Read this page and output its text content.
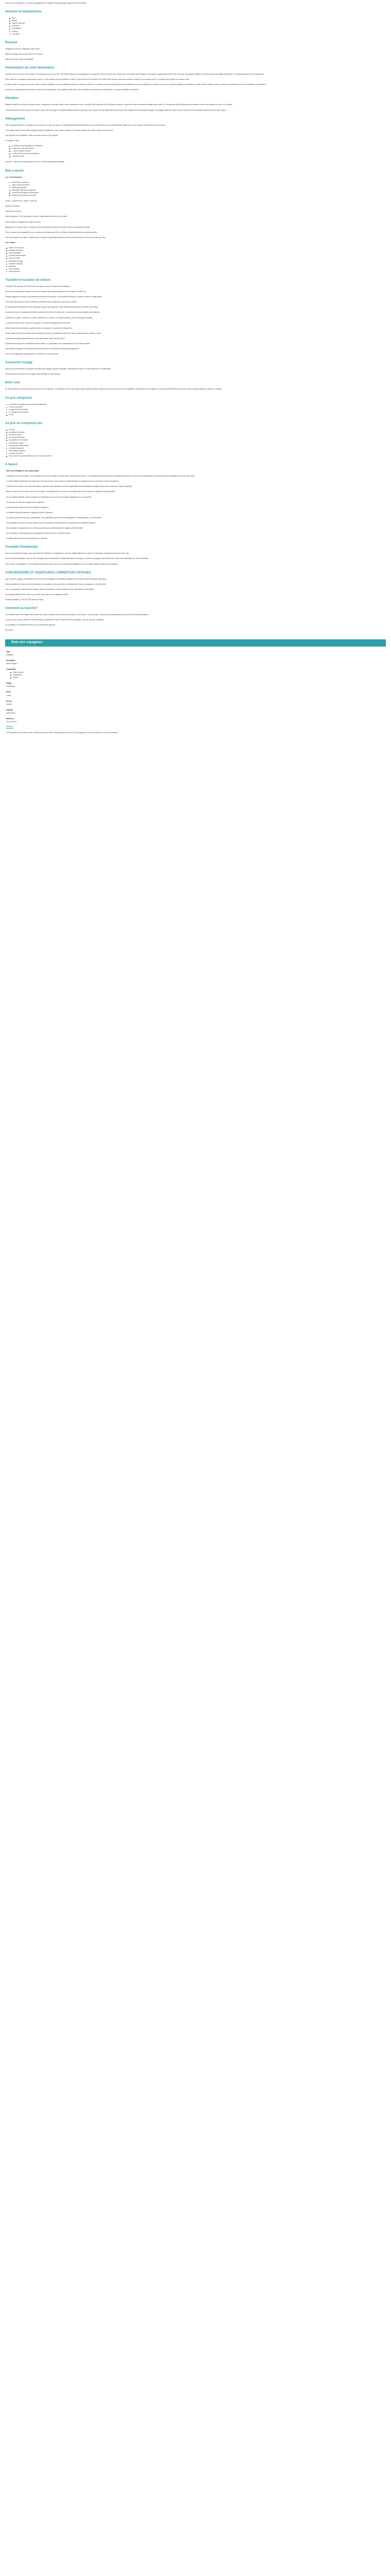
Fort de votre compétence ? Et si elle se complétait par Formalité Conciergerie (aigu Imprimerie Web Corrosion).

Services et équipements
Wifi
Piscine
Piscine extérieure
Télévision
Climatisation
Parking
Lave-linge
Résumé

Bungalow en bois d'un magnifique jardin créole.

Idéal de sa plage de ses petits côtés de St-François.

Idéal pour évasion calme et tranquillité.

Présentation de votre destination

Jouxtant le bord de mer et des Caraïbes, la Guadeloupe se prend son rôle. Des Petites Antilles et en conséquence un archipel de 5 îles de Grande-Terre, Basse-Terre, les Saintes, Marie-Galante, la Désirade. La grande presqu'île de l'île a la forme d'un papillon, profitez d'un climat tropical, des plages de sable fin, de la nature préservée et des randonnées.

Notre cadre est un bungalow surplombant sa côte, ce n'est vraiment qu'à la Guadeloupe. Partez à la découverte de la Soufrière, de Pointe-à-Pitre avec les nombreux marchés du matin et de la musique zouk. Et n'oubliez pas de goûter à la cuisine créole.

Un cadre calme et reposant avec piscine, jardin tropical et bungalow. Vous êtes idéalement situé pour découvrir toute l'île. Les enfants seront enchantés des poissons multicolores lors des plongées avec masque et tuba dans les lagons protégés par la barrière de corail. Pour les adultes, toutes les saveurs et ambiances d'une île des Caraïbes vous attendent.

Au cœur d'un paradis tropical, découvrez le charme de la Guadeloupe, entre plages de sable blanc, eaux turquoise et randonnées en forêt tropicale. Un séjour inoubliable vous attend !

Situation

Plages de sable fin à moins de 5 minutes à pied. Commerces à proximité, marché local, restaurants et bars. L'aéroport Pôle Caraïbes est à 35 minutes en voiture. Location de véhicule fortement conseillée pour visiter l'île. La marina de Saint-François avec ses départs vers les îles voisines se trouve à 10 minutes.

Golf international de Saint-François à proximité, casino, club de plongée et activités nautiques (kitesurf, planche à voile, jet-ski). Point de départ idéal vers la Pointe des Châteaux et ses paysages sauvages. Les villages créoles de Sainte-Anne et du Moule sont accessibles rapidement par la route côtière.

Hébergement

Dans un jardin verdoyant, ce bungalow en bois propose un séjour au calme. Un hébergement entièrement équipé pour 2 à 4 personnes avec une terrasse privée offrant une vue sur le jardin tropical et la piscine commune.

Le bungalow dispose d'une cuisine équipée (plaques, réfrigérateur, micro-ondes, cafetière), d'un espace repas et d'un salon. Linge de maison fourni.

Les chambres sont climatisées. Salle d'eau avec douche et WC séparés.

Le cottage se situe :

1 chambre double climatisée (lit 160x200)
1 salon avec clic-clac 2 places
1 cuisine équipée ouverte
1 salle d'eau avec douche à l'italienne
1 terrasse privée

Capacité : 4 personnes maximum (bébé inclus). Lit bébé disponible sur demande.

Bon à savoir

Les + de la résidence :

Accès libre à la piscine
Jardin tropical entretenu
Parking privé gratuit
Wifi gratuit dans tout le logement
Proximité immédiate des commerces
Environnement calme et sécurisé

Arrivée : à partir de 15h / Départ : avant 11h

Animaux non admis.

Logement non-fumeur.

Dépôt de garantie : 300 € demandé à l'arrivée, restitué après l'état des lieux de sortie.

Taxe de séjour en supplément, à régler sur place.

Ménage de fin de séjour inclus. Le linge de lit et les serviettes de toilette sont fournis. Prévoir vos serviettes de plage.

Pour le respect de la tranquillité de tous, le calme est demandé après 22h. Les fêtes et rassemblements ne sont pas autorisés.

Pour bien préparer votre séjour, n'hésitez pas à contacter le propriétaire avant votre arrivée afin de convenir de l'heure de remise des clés.

Les + offerts :

Panier de bienvenue
Produits d'entretien
Guide touristique
Conseils personnalisés
Jeux de société
Serviettes de plage
Transats et parasol
Barbecue
Fer à repasser
Sèche-cheveux
Transfert et location de voiture

L'aéroport Pôle Caraïbes de Pointe-à-Pitre est situé à environ 35 minutes de la résidence.

Nous vous recommandons vivement de louer un véhicule pour profiter pleinement de votre séjour et visiter l'île.

Plusieurs agences de location sont présentes directement à l'aéroport. Il est conseillé de réserver à l'avance, surtout en haute saison.

Pour les arrivées tardives, merci de prévenir le propriétaire afin d'organiser au mieux votre accueil.

Un parking privé et gratuit est à votre disposition sur place pour stationner votre véhicule pendant toute la durée de votre séjour.

Le réseau de bus en Guadeloupe est limité, notamment en soirée et le dimanche. Le taxi reste une option possible mais coûteuse.

Conditions de location : permis de conduire valide depuis au moins 1 an, carte bancaire au nom du conducteur principal.

La conduite se fait à droite, comme en métropole. Les routes principales sont en bon état.

Attention aux routes secondaires, parfois étroites et sinueuses, en particulier en Basse-Terre.

Pensez à faire le plein de carburant avant de partir en excursion, les stations-service sont moins nombreuses dans certaines zones.

Les stations sont généralement fermées le dimanche après-midi et les jours fériés.

Le trajet entre l'aéroport et la résidence est bien indiqué. Le propriétaire vous communiquera un plan d'accès détaillé.

Il est possible d'organiser un transfert privé depuis l'aéroport, sur demande et moyennant supplément.

Pour tout renseignement complémentaire, n'hésitez pas à nous contacter.

Assurance voyage

Nous vous recommandons de souscrire une assurance voyage couvrant l'annulation, l'interruption de séjour, les frais médicaux et le rapatriement.

Cette assurance vous permet de voyager l'esprit tranquille en cas d'imprévu.

Notre avis

Un cadre idéal pour un séjour reposant au cœur de la Guadeloupe. Ce bungalow en bois, niché dans un jardin tropical luxuriant, séduira les amoureux de nature et de tranquillité. Sa proximité avec les plages et commerces de Saint-François en fait un point de départ parfait pour découvrir l'archipel.

Ce prix comprend
La location du bungalow pour la durée sélectionnée
L'accès à la piscine
Le linge de lit et de toilette
Le ménage de fin de séjour
Le wifi
Ce prix ne comprend pas
Les vols
La location de voiture
La taxe de séjour
Les repas et boissons
Les activités et excursions
L'assurance voyage
Les dépenses personnelles
Le dépôt de garantie
Les transferts aéroport
Les frais de dossier
Tout ce qui n'est pas mentionné dans « Ce prix comprend »
À Savoir

- Offre non modifiable et non remboursable

- À réception de votre réservation, une confirmation vous sera envoyée par email dans un délai de 48h ouvrées. Les informations pratiques d'accès au logement ainsi que les coordonnées du propriétaire vous seront transmises quelques jours avant votre départ.

- Les tarifs indiqués s'entendent par logement et non par personne. Toute personne supplémentaire non déclarée pourra se voir refuser l'accès au logement.

- L'état des lieux d'entrée et de sortie est réalisé en présence du propriétaire ou de son représentant. Toute dégradation constatée pourra être retenue sur le dépôt de garantie.

- Merci de respecter les horaires d'arrivée et de départ. Tout départ tardif non convenu au préalable pourra faire l'objet d'une facturation supplémentaire.

- En cas d'arrivée retardée, merci de prévenir le propriétaire au plus tôt afin qu'il puisse s'organiser pour vous accueillir.

- Les animaux ne sont pas acceptés dans le logement.

- Il est strictement interdit de fumer à l'intérieur du logement.

- La capacité d'accueil maximale du logement doit être respectée.

- Les photos présentées sont non contractuelles. Des modifications peuvent avoir été apportées à l'aménagement ou à la décoration.

- Le propriétaire se réserve le droit de refuser l'accès au logement à toute personne ne respectant pas le règlement intérieur.

- Merci de laisser le logement dans un état de propreté correct. Vaisselle lavée et rangée, poubelles vidées.

- Les informations communiquées sont susceptibles d'évoluer selon les conditions locales.

- Conditions générales de vente disponibles sur demande.

Formalité Guadeloupe

Pour les ressortissants français, une carte nationale d'identité ou un passeport en cours de validité suffit pour se rendre en Guadeloupe, département français d'outre-mer.

Pour les autres nationalités, merci de vous renseigner auprès des autorités compétentes avant votre départ. Les mineurs voyageant seuls doivent être munis d'une autorisation de sortie du territoire.

Aucun vaccin n'est obligatoire. Il est toutefois recommandé d'être à jour de ses vaccinations habituelles et de se protéger contre les piqûres de moustiques.

CONCIERGERIE ET ASSISTANCE CARREFOUR VOYAGES

Avec Carrefour Voyages vous bénéficiez d'un service de conciergerie et d'assistance joignable à tout moment avant et pendant votre séjour.

Notre conseiller est à votre écoute pour répondre à vos questions, vous aider dans vos démarches et vous accompagner en cas d'imprévu.

Pour nous contacter, rendez-vous sur l'espace client ou composez le numéro indiqué sur votre confirmation de réservation.

Nos équipes mettront tout en œuvre pour rendre votre séjour le plus agréable possible.

Service accessible 7j/7 de 9h à 20h (heure de Paris).

Comment ça marche?

Une semaine avant votre départ, vous recevrez par email l'ensemble des documents nécessaires à votre séjour : bon d'échange, coordonnées du propriétaire, plan d'accès et informations pratiques.

Le jour de votre arrivée, présentez-vous directement au logement à l'heure convenue avec le propriétaire, muni de votre bon d'échange.

Le propriétaire vous remettra les clés et vous présentera le logement.

Bon séjour !

Note des voyageurs
Type
Bungalow
Destination
Saint-François
Localisation
Saint-François
Guadeloupe
Antilles
Région
Guadeloupe
Durée
7 nuits
Arrivée
Samedi
Capacité
4 personnes
Référence
GUA-SF-0412
Réserver

Les informations sont données à titre indicatif et peuvent évoluer. Tarifs exprimés en euros TTC par logement, hors taxe de séjour et hors frais de dossier.
